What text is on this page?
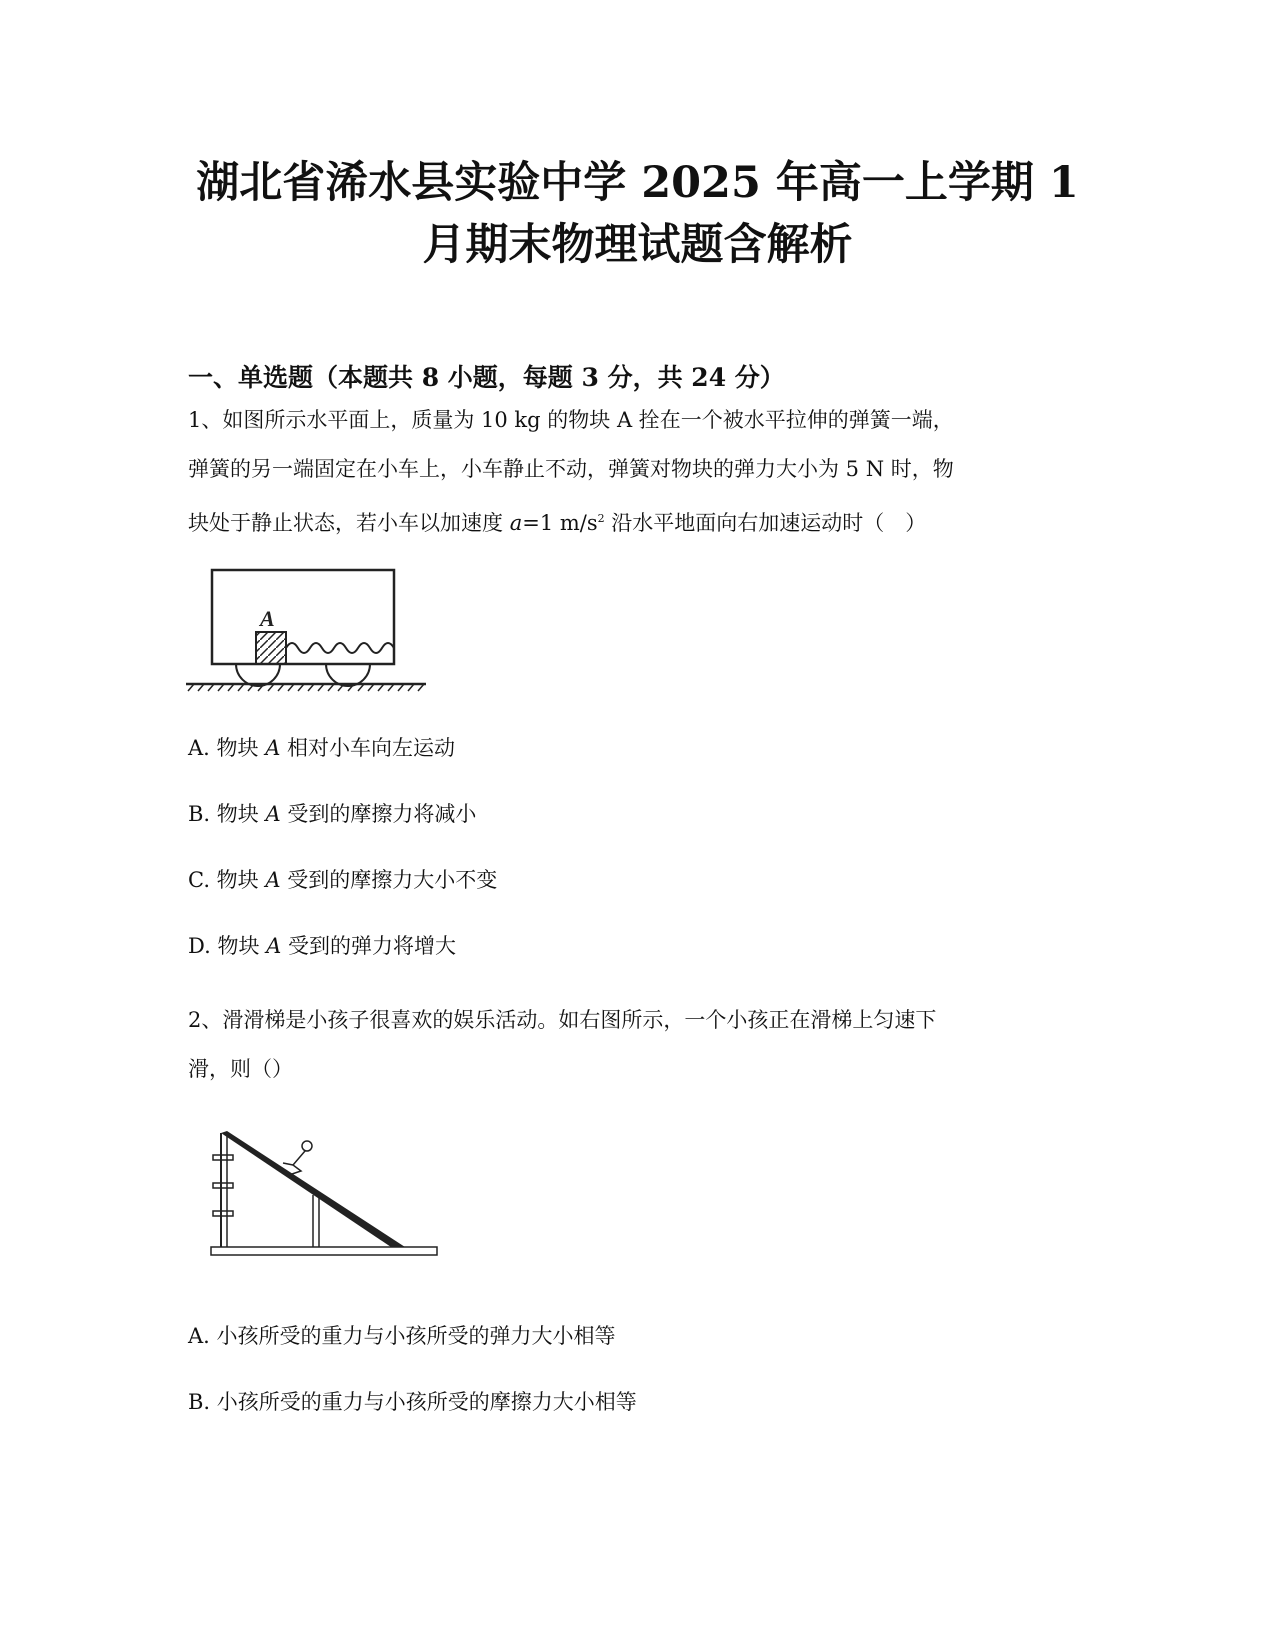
湖北省浠水县实验中学 2025 年高一上学期 1
月期末物理试题含解析
一、单选题（本题共 8 小题，每题 3 分，共 24 分）
1、如图所示水平面上，质量为 10 kg 的物块 A 拴在一个被水平拉伸的弹簧一端，
弹簧的另一端固定在小车上，小车静止不动，弹簧对物块的弹力大小为 5 N 时，物
块处于静止状态，若小车以加速度 a=1 $m/s^2$ 沿水平地面向右加速运动时（　）
A
A. 物块 A 相对小车向左运动
B. 物块 A 受到的摩擦力将减小
C. 物块 A 受到的摩擦力大小不变
D. 物块 A 受到的弹力将增大
2、滑滑梯是小孩子很喜欢的娱乐活动。如右图所示，一个小孩正在滑梯上匀速下
滑，则（）
A. 小孩所受的重力与小孩所受的弹力大小相等
B. 小孩所受的重力与小孩所受的摩擦力大小相等
